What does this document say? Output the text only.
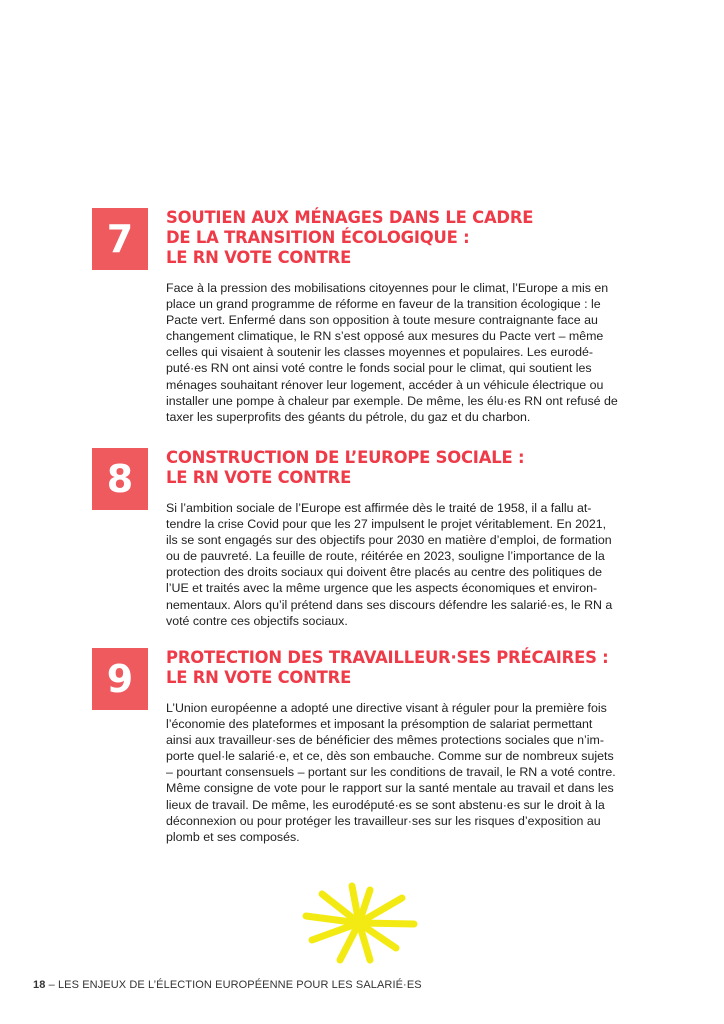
7	SOUTIEN AUX MÉNAGES DANS LE CADRE
DE LA TRANSITION ÉCOLOGIQUE :
LE RN VOTE CONTRE

Face à la pression des mobilisations citoyennes pour le climat, l’Europe a mis en
place un grand programme de réforme en faveur de la transition écologique : le
Pacte vert. Enfermé dans son opposition à toute mesure contraignante face au
changement climatique, le RN s’est opposé aux mesures du Pacte vert – même
celles qui visaient à soutenir les classes moyennes et populaires. Les eurodé-
puté·es RN ont ainsi voté contre le fonds social pour le climat, qui soutient les
ménages souhaitant rénover leur logement, accéder à un véhicule électrique ou
installer une pompe à chaleur par exemple. De même, les élu·es RN ont refusé de
taxer les superprofits des géants du pétrole, du gaz et du charbon.

8	CONSTRUCTION DE L’EUROPE SOCIALE :
LE RN VOTE CONTRE

Si l’ambition sociale de l’Europe est affirmée dès le traité de 1958, il a fallu at-
tendre la crise Covid pour que les 27 impulsent le projet véritablement. En 2021,
ils se sont engagés sur des objectifs pour 2030 en matière d’emploi, de formation
ou de pauvreté. La feuille de route, réitérée en 2023, souligne l’importance de la
protection des droits sociaux qui doivent être placés au centre des politiques de
l’UE et traités avec la même urgence que les aspects économiques et environ-
nementaux. Alors qu’il prétend dans ses discours défendre les salarié·es, le RN a
voté contre ces objectifs sociaux.

9	PROTECTION DES TRAVAILLEUR·SES PRÉCAIRES :
LE RN VOTE CONTRE

L’Union européenne a adopté une directive visant à réguler pour la première fois
l’économie des plateformes et imposant la présomption de salariat permettant
ainsi aux travailleur·ses de bénéficier des mêmes protections sociales que n’im-
porte quel·le salarié·e, et ce, dès son embauche. Comme sur de nombreux sujets
– pourtant consensuels – portant sur les conditions de travail, le RN a voté contre.
Même consigne de vote pour le rapport sur la santé mentale au travail et dans les
lieux de travail. De même, les eurodéputé·es se sont abstenu·es sur le droit à la
déconnexion ou pour protéger les travailleur·ses sur les risques d’exposition au
plomb et ses composés.

18 – LES ENJEUX DE L’ÉLECTION EUROPÉENNE POUR LES SALARIÉ·ES
